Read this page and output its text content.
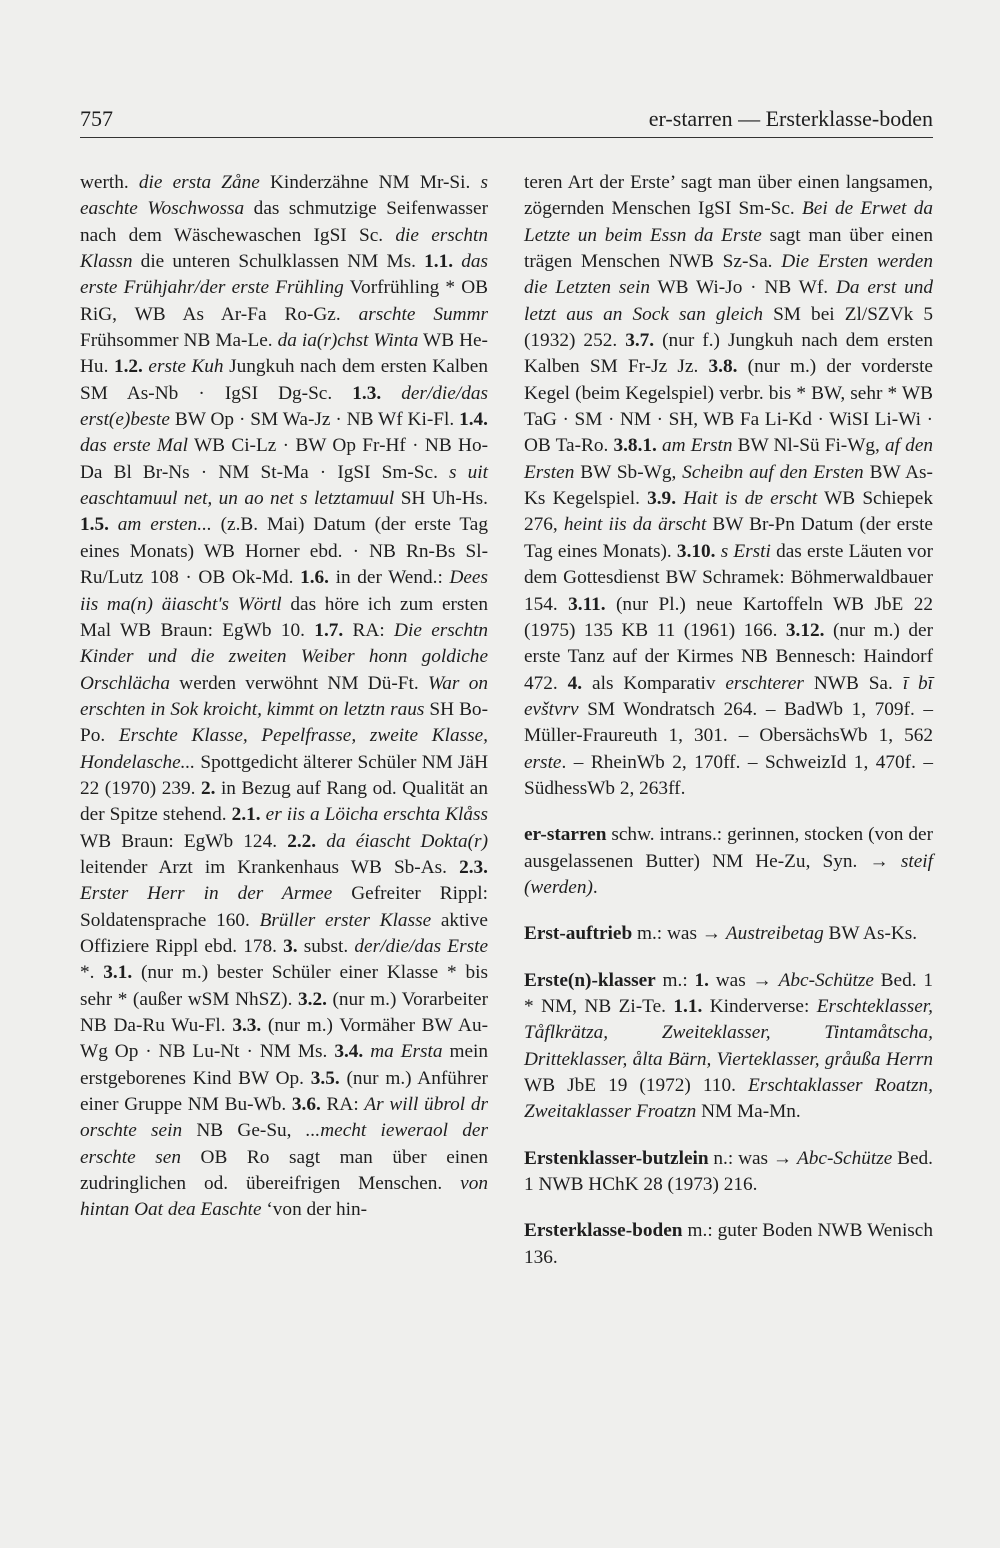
757	er-starren — Ersterklasse-boden

werth. die ersta Zåne Kinderzähne NM Mr-Si. s easchte Woschwossa das schmutzige Seifenwasser nach dem Wäschewaschen IgSI Sc. die erschtn Klassn die unteren Schulklassen NM Ms. 1.1. das erste Frühjahr/der erste Frühling Vorfrühling * OB RiG, WB As Ar-Fa Ro-Gz. arschte Summr Frühsommer NB Ma-Le. da ia(r)chst Winta WB He-Hu. 1.2. erste Kuh Jungkuh nach dem ersten Kalben SM As-Nb · IgSI Dg-Sc. 1.3. der/die/das erst(e)beste BW Op · SM Wa-Jz · NB Wf Ki-Fl. 1.4. das erste Mal WB Ci-Lz · BW Op Fr-Hf · NB Ho-Da Bl Br-Ns · NM St-Ma · IgSI Sm-Sc. s uit easchtamuul net, un ao net s letztamuul SH Uh-Hs. 1.5. am ersten... (z.B. Mai) Datum (der erste Tag eines Monats) WB Horner ebd. · NB Rn-Bs Sl-Ru/Lutz 108 · OB Ok-Md. 1.6. in der Wend.: Dees iis ma(n) äiascht's Wörtl das höre ich zum ersten Mal WB Braun: EgWb 10. 1.7. RA: Die erschtn Kinder und die zweiten Weiber honn goldiche Orschlächa werden verwöhnt NM Dü-Ft. War on erschten in Sok kroicht, kimmt on letztn raus SH Bo-Po. Erschte Klasse, Pepelfrasse, zweite Klasse, Hondelasche... Spottgedicht älterer Schüler NM JäH 22 (1970) 239. 2. in Bezug auf Rang od. Qualität an der Spitze stehend. 2.1. er iis a Löicha erschta Klåss WB Braun: EgWb 124. 2.2. da éiascht Dokta(r) leitender Arzt im Krankenhaus WB Sb-As. 2.3. Erster Herr in der Armee Gefreiter Rippl: Soldatensprache 160. Brüller erster Klasse aktive Offiziere Rippl ebd. 178. 3. subst. der/die/das Erste *. 3.1. (nur m.) bester Schüler einer Klasse * bis sehr * (außer wSM NhSZ). 3.2. (nur m.) Vorarbeiter NB Da-Ru Wu-Fl. 3.3. (nur m.) Vormäher BW Au-Wg Op · NB Lu-Nt · NM Ms. 3.4. ma Ersta mein erstgeborenes Kind BW Op. 3.5. (nur m.) Anführer einer Gruppe NM Bu-Wb. 3.6. RA: Ar will übrol dr orschte sein NB Ge-Su, ...mecht iewerаol der erschte sen OB Ro sagt man über einen zudringlichen od. übereifrigen Menschen. von hintan Oat dea Easchte ‘von der hin-

teren Art der Erste’ sagt man über einen langsamen, zögernden Menschen IgSI Sm-Sc. Bei de Erwet da Letzte un beim Essn da Erste sagt man über einen trägen Menschen NWB Sz-Sa. Die Ersten werden die Letzten sein WB Wi-Jo · NB Wf. Da erst und letzt aus an Sock san gleich SM bei Zl/SZVk 5 (1932) 252. 3.7. (nur f.) Jungkuh nach dem ersten Kalben SM Fr-Jz Jz. 3.8. (nur m.) der vorderste Kegel (beim Kegelspiel) verbr. bis * BW, sehr * WB TaG · SM · NM · SH, WB Fa Li-Kd · WiSI Li-Wi · OB Ta-Ro. 3.8.1. am Erstn BW Nl-Sü Fi-Wg, af den Ersten BW Sb-Wg, Scheibn auf den Ersten BW As-Ks Kegelspiel. 3.9. Hait is dɐ erscht WB Schiepek 276, heint iis da ärscht BW Br-Pn Datum (der erste Tag eines Monats). 3.10. s Ersti das erste Läuten vor dem Gottesdienst BW Schramek: Böhmerwaldbauer 154. 3.11. (nur Pl.) neue Kartoffeln WB JbE 22 (1975) 135 KB 11 (1961) 166. 3.12. (nur m.) der erste Tanz auf der Kirmes NB Bennesch: Haindorf 472. 4. als Komparativ erschterer NWB Sa. ī bī evštvrv SM Wondratsch 264. – BadWb 1, 709f. – Müller-Fraureuth 1, 301. – ObersächsWb 1, 562 erste. – RheinWb 2, 170ff. – SchweizId 1, 470f. – SüdhessWb 2, 263ff.

er-starren schw. intrans.: gerinnen, stocken (von der ausgelassenen Butter) NM He-Zu, Syn. → steif (werden).

Erst-auftrieb m.: was → Austreibetag BW As-Ks.

Erste(n)-klasser m.: 1. was → Abc-Schütze Bed. 1 * NM, NB Zi-Te. 1.1. Kinderverse: Erschteklasser, Tåflkrätza, Zweiteklasser, Tintamåtscha, Dritteklasser, ålta Bärn, Vierteklasser, gråußa Herrn WB JbE 19 (1972) 110. Erschtaklasser Roatzn, Zweitaklasser Froatzn NM Ma-Mn.

Erstenklasser-butzlein n.: was → Abc-Schütze Bed. 1 NWB HChK 28 (1973) 216.

Ersterklasse-boden m.: guter Boden NWB Wenisch 136.
